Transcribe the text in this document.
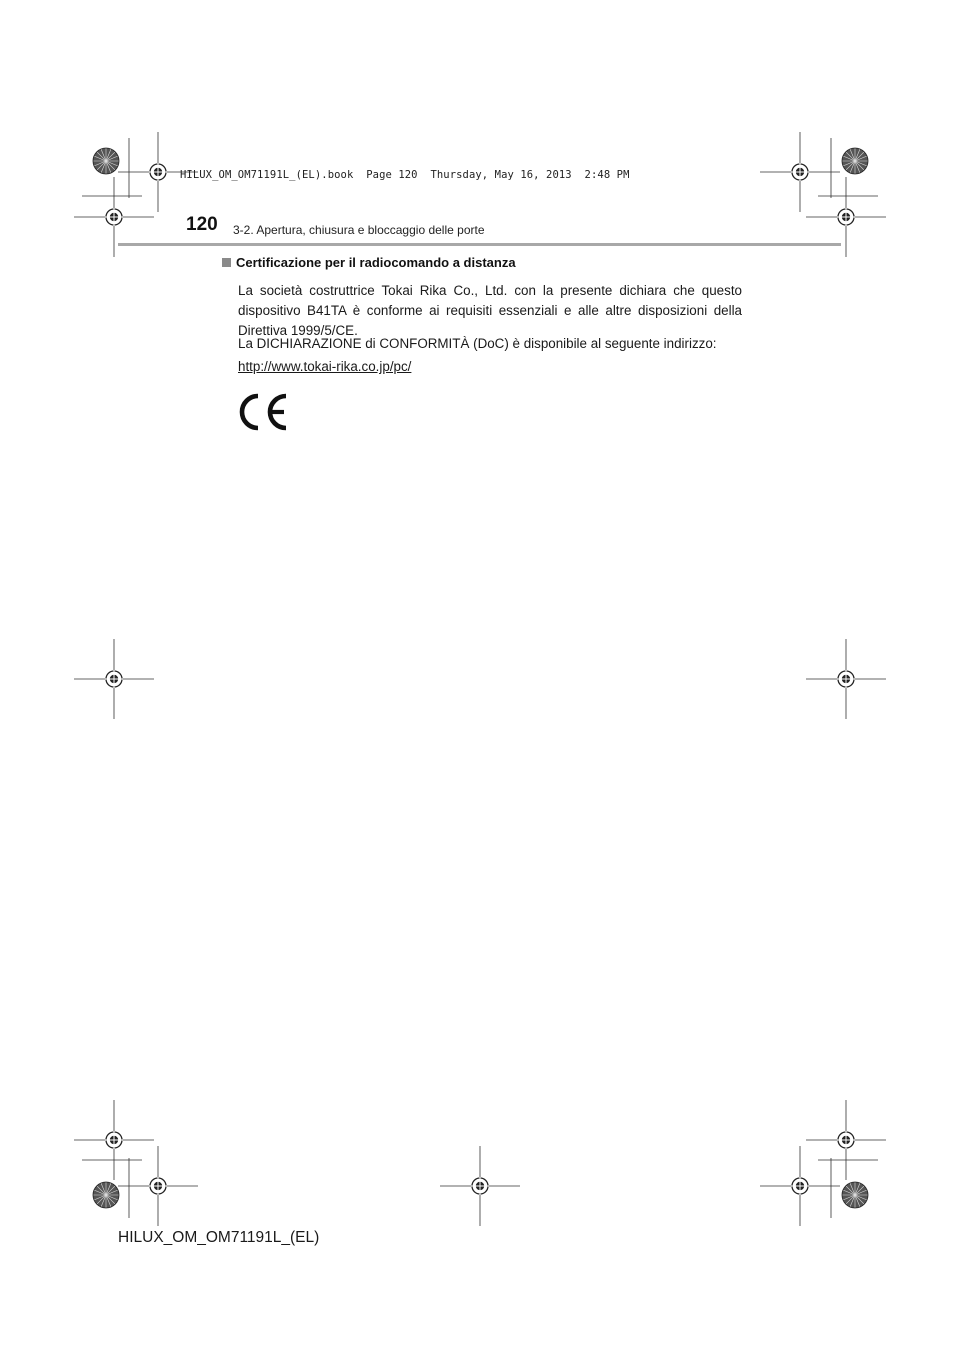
HILUX_OM_OM71191L_(EL).book  Page 120  Thursday, May 16, 2013  2:48 PM
120 3-2. Apertura, chiusura e bloccaggio delle porte
Certificazione per il radiocomando a distanza
La società costruttrice Tokai Rika Co., Ltd. con la presente dichiara che questo dispositivo B41TA è conforme ai requisiti essenziali e alle altre disposizioni della Direttiva 1999/5/CE.
La DICHIARAZIONE di CONFORMITÀ (DoC) è disponibile al seguente indirizzo:
http://www.tokai-rika.co.jp/pc/
HILUX_OM_OM71191L_(EL)
